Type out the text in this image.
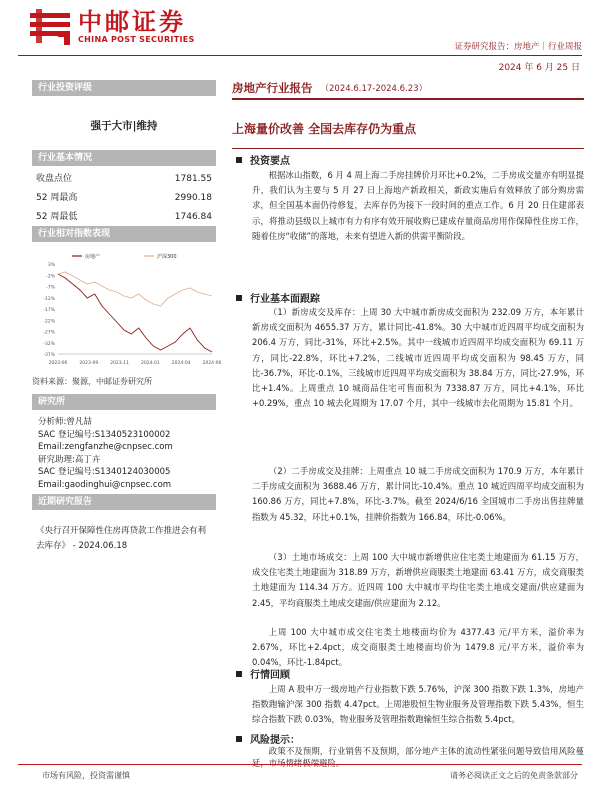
中邮证券
CHINA POST SECURITIES
证券研究报告：房地产｜行业周报
2024 年 6 月 25 日
行业投资评级
强于大市|维持
行业基本情况
收盘点位	1781.55
52 周最高	2990.18
52 周最低	1746.84
行业相对指数表现
3%
-2%
-7%
-12%
-17%
-22%
-27%
-32%
-37%
2023-06	2023-09	2023-11	2024-01	2024-04	2024-06
房地产	沪深300
资料来源：聚源，中邮证券研究所
研究所
分析师:曾凡喆
SAC 登记编号:S1340523100002
Email:zengfanzhe@cnpsec.com
研究助理:高丁卉
SAC 登记编号:S1340124030005
Email:gaodinghui@cnpsec.com
近期研究报告
《央行召开保障性住房再贷款工作推进会有利去库存》 - 2024.06.18
房地产行业报告 （2024.6.17-2024.6.23）
上海量价改善 全国去库存仍为重点
投资要点
根据冰山指数，6 月 4 周上海二手房挂牌价月环比+0.2%，二手房成交量亦有明显提升，我们认为主要与 5 月 27 日上海地产新政相关，新政实施后有效释放了部分购房需求，但全国基本面仍待修复，去库存仍为接下一段时间的重点工作。6 月 20 日住建部表示，将推动县级以上城市有力有序有效开展收购已建成存量商品房用作保障性住房工作，随着住房“收储”的落地，未来有望进入新的供需平衡阶段。
行业基本面跟踪
（1）新房成交及库存：上周 30 大中城市新房成交面积为 232.09 万方，本年累计新房成交面积为 4655.37 万方，累计同比-41.8%。30 大中城市近四周平均成交面积为 206.4 万方，同比-31%，环比+2.5%。其中一线城市近四周平均成交面积为 69.11 万方，同比-22.8%，环比+7.2%，二线城市近四周平均成交面积为 98.45 万方，同比-36.7%，环比-0.1%，三线城市近四周平均成交面积为 38.84 万方，同比-27.9%，环比+1.4%。上周重点 10 城商品住宅可售面积为 7338.87 万方，同比+4.1%，环比+0.29%，重点 10 城去化周期为 17.07 个月，其中一线城市去化周期为 15.81 个月。
（2）二手房成交及挂牌：上周重点 10 城二手房成交面积为 170.9 万方，本年累计二手房成交面积为 3688.46 万方，累计同比-10.4%。重点 10 城近四周平均成交面积为 160.86 万方，同比+7.8%，环比-3.7%。截至 2024/6/16 全国城市二手房出售挂牌量指数为 45.32，环比+0.1%，挂牌价指数为 166.84，环比-0.06%。
（3）土地市场成交：上周 100 大中城市新增供应住宅类土地建面为 61.15 万方，成交住宅类土地建面为 318.89 万方，新增供应商服类土地建面 63.41 万方，成交商服类土地建面为 114.34 万方。近四周 100 大中城市平均住宅类土地成交建面/供应建面为 2.45，平均商服类土地成交建面/供应建面为 2.12。
上周 100 大中城市成交住宅类土地楼面均价为 4377.43 元/平方米，溢价率为 2.67%，环比+2.4pct，成交商服类土地楼面均价为 1479.8 元/平方米，溢价率为 0.04%，环比-1.84pct。
行情回顾
上周 A 股申万一级房地产行业指数下跌 5.76%，沪深 300 指数下跌 1.3%，房地产指数跑输沪深 300 指数 4.47pct。上周港股恒生物业服务及管理指数下跌 5.43%，恒生综合指数下跌 0.03%，物业服务及管理指数跑输恒生综合指数 5.4pct。
风险提示：
政策不及预期，行业销售不及预期，部分地产主体的流动性紧张问题导致信用风险蔓延，市场情绪极端避险。
市场有风险，投资需谨慎	请务必阅读正文之后的免责条款部分
